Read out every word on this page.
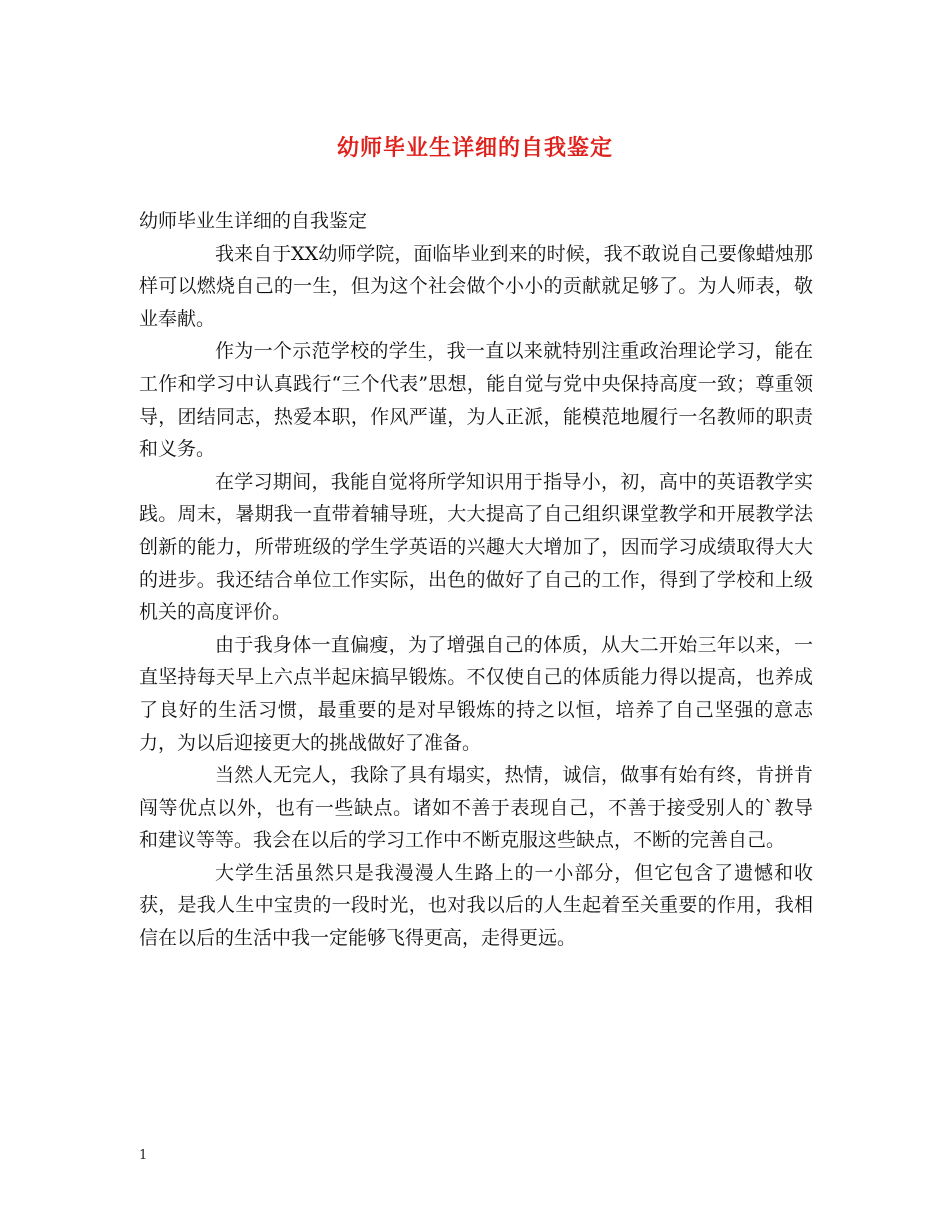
幼师毕业生详细的自我鉴定

幼师毕业生详细的自我鉴定

我来自于XX幼师学院，面临毕业到来的时候，我不敢说自己要像蜡烛那样可以燃烧自己的一生，但为这个社会做个小小的贡献就足够了。为人师表，敬业奉献。

作为一个示范学校的学生，我一直以来就特别注重政治理论学习，能在工作和学习中认真践行“三个代表”思想，能自觉与党中央保持高度一致；尊重领导，团结同志，热爱本职，作风严谨，为人正派，能模范地履行一名教师的职责和义务。

在学习期间，我能自觉将所学知识用于指导小，初，高中的英语教学实践。周末，暑期我一直带着辅导班，大大提高了自己组织课堂教学和开展教学法创新的能力，所带班级的学生学英语的兴趣大大增加了，因而学习成绩取得大大的进步。我还结合单位工作实际，出色的做好了自己的工作，得到了学校和上级机关的高度评价。

由于我身体一直偏瘦，为了增强自己的体质，从大二开始三年以来，一直坚持每天早上六点半起床搞早锻炼。不仅使自己的体质能力得以提高，也养成了良好的生活习惯，最重要的是对早锻炼的持之以恒，培养了自己坚强的意志力，为以后迎接更大的挑战做好了准备。

当然人无完人，我除了具有塌实，热情，诚信，做事有始有终，肯拼肯闯等优点以外，也有一些缺点。诸如不善于表现自己，不善于接受别人的`教导和建议等等。我会在以后的学习工作中不断克服这些缺点，不断的完善自己。

大学生活虽然只是我漫漫人生路上的一小部分，但它包含了遗憾和收获，是我人生中宝贵的一段时光，也对我以后的人生起着至关重要的作用，我相信在以后的生活中我一定能够飞得更高，走得更远。

1
